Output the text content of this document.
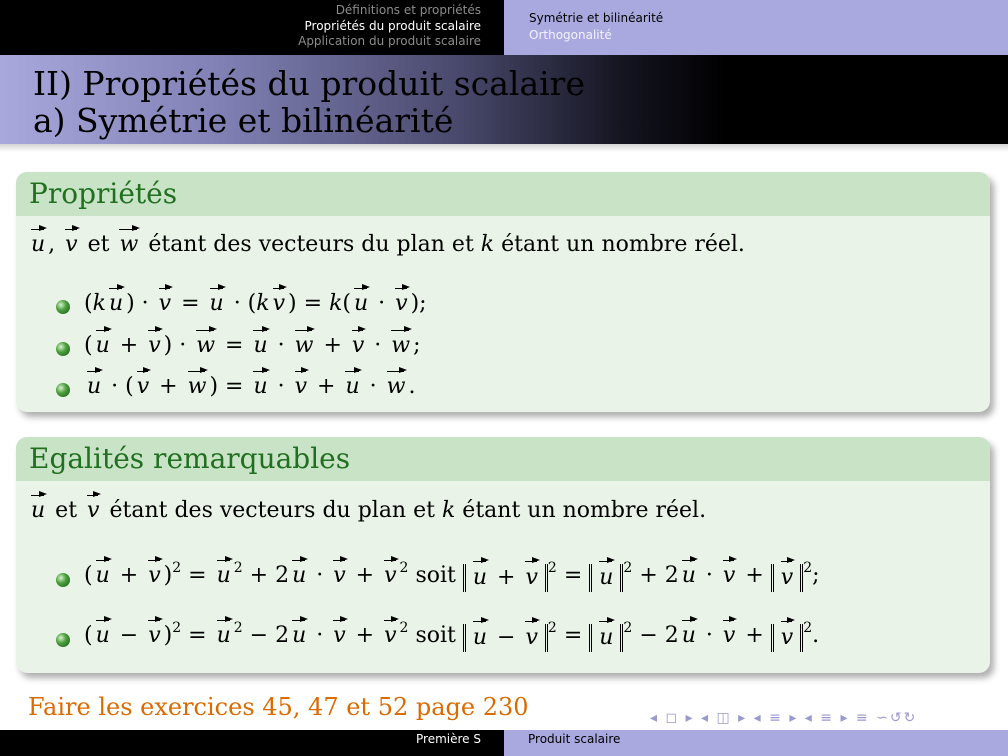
Définitions et propriétés
Propriétés du produit scalaire
Application du produit scalaire
Symétrie et bilinéarité
Orthogonalité
II) Propriétés du produit scalaire
a) Symétrie et bilinéarité
Propriétés
u , v et w étant des vecteurs du plan et k étant un nombre réel.
(k u ) · v = u · (k v ) = k( u · v );
( u + v ) · w = u · w + v · w ;
u · ( v + w ) = u · v + u · w .
Egalités remarquables
u et v étant des vecteurs du plan et k étant un nombre réel.
( u + v )$^2$ = u $^2$ + 2 u · v + v $^2$ soit u + v $^2$ = u $^2$ + 2 u · v + v $^2$;
( u − v )$^2$ = u $^2$ − 2 u · v + v $^2$ soit u − v $^2$ = u $^2$ − 2 u · v + v $^2$.
Faire les exercices 45, 47 et 52 page 230	◂ ◻ ▸ ◂ ◫ ▸ ◂ ≡ ▸ ◂ ≡ ▸ ≡ ∽↺↻
Première S	Produit scalaire
